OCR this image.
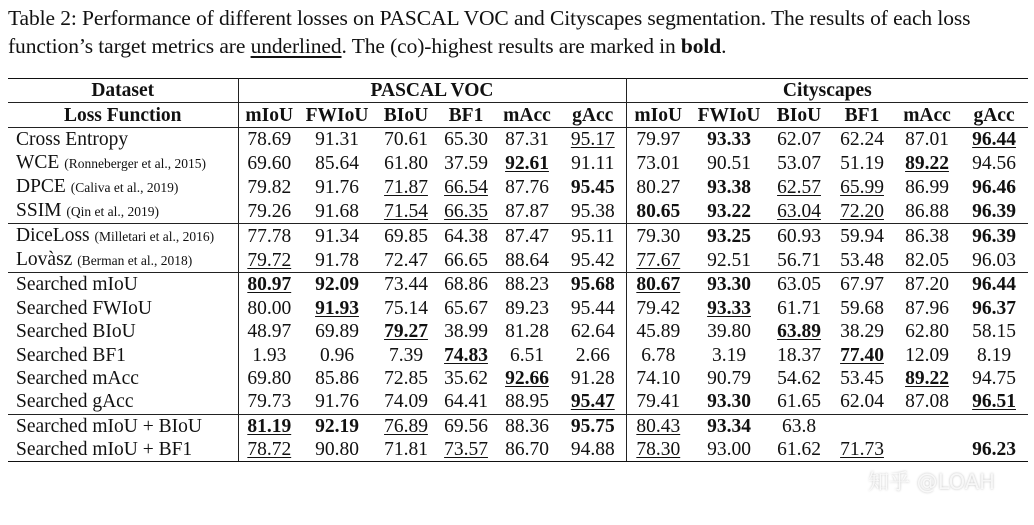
Table 2: Performance of different losses on PASCAL VOC and Cityscapes segmentation. The results of each loss function’s target metrics are underlined. The (co)-highest results are marked in bold.
Dataset	PASCAL VOC						Cityscapes					
Loss Function	mIoU	FWIoU	BIoU	BF1	mAcc	gAcc	mIoU	FWIoU	BIoU	BF1	mAcc	gAcc
Cross Entropy	78.69	91.31	70.61	65.30	87.31	95.17	79.97	93.33	62.07	62.24	87.01	96.44
WCE (Ronneberger et al., 2015)	69.60	85.64	61.80	37.59	92.61	91.11	73.01	90.51	53.07	51.19	89.22	94.56
DPCE (Caliva et al., 2019)	79.82	91.76	71.87	66.54	87.76	95.45	80.27	93.38	62.57	65.99	86.99	96.46
SSIM (Qin et al., 2019)	79.26	91.68	71.54	66.35	87.87	95.38	80.65	93.22	63.04	72.20	86.88	96.39
DiceLoss (Milletari et al., 2016)	77.78	91.34	69.85	64.38	87.47	95.11	79.30	93.25	60.93	59.94	86.38	96.39
Lovàsz (Berman et al., 2018)	79.72	91.78	72.47	66.65	88.64	95.42	77.67	92.51	56.71	53.48	82.05	96.03
Searched mIoU	80.97	92.09	73.44	68.86	88.23	95.68	80.67	93.30	63.05	67.97	87.20	96.44
Searched FWIoU	80.00	91.93	75.14	65.67	89.23	95.44	79.42	93.33	61.71	59.68	87.96	96.37
Searched BIoU	48.97	69.89	79.27	38.99	81.28	62.64	45.89	39.80	63.89	38.29	62.80	58.15
Searched BF1	1.93	0.96	7.39	74.83	6.51	2.66	6.78	3.19	18.37	77.40	12.09	8.19
Searched mAcc	69.80	85.86	72.85	35.62	92.66	91.28	74.10	90.79	54.62	53.45	89.22	94.75
Searched gAcc	79.73	91.76	74.09	64.41	88.95	95.47	79.41	93.30	61.65	62.04	87.08	96.51
Searched mIoU + BIoU	81.19	92.19	76.89	69.56	88.36	95.75	80.43	93.34	63.8			
Searched mIoU + BF1	78.72	90.80	71.81	73.57	86.70	94.88	78.30	93.00	61.62	71.73		96.23
知乎 @LOAH
